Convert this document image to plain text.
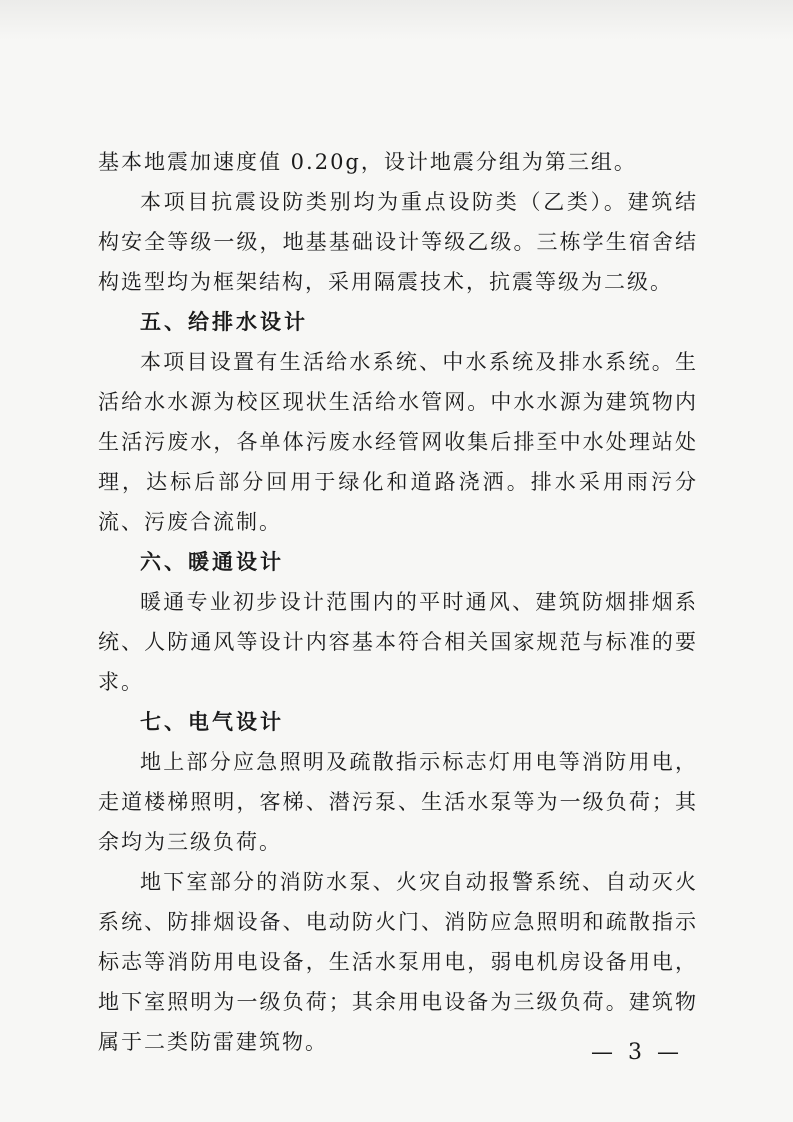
基本地震加速度值 0.20g，设计地震分组为第三组。

本项目抗震设防类别均为重点设防类（乙类）。建筑结构安全等级一级，地基基础设计等级乙级。三栋学生宿舍结构选型均为框架结构，采用隔震技术，抗震等级为二级。

五、给排水设计

本项目设置有生活给水系统、中水系统及排水系统。生活给水水源为校区现状生活给水管网。中水水源为建筑物内生活污废水，各单体污废水经管网收集后排至中水处理站处理，达标后部分回用于绿化和道路浇洒。排水采用雨污分流、污废合流制。

六、暖通设计

暖通专业初步设计范围内的平时通风、建筑防烟排烟系统、人防通风等设计内容基本符合相关国家规范与标准的要求。

七、电气设计

地上部分应急照明及疏散指示标志灯用电等消防用电，走道楼梯照明，客梯、潜污泵、生活水泵等为一级负荷；其余均为三级负荷。

地下室部分的消防水泵、火灾自动报警系统、自动灭火系统、防排烟设备、电动防火门、消防应急照明和疏散指示标志等消防用电设备，生活水泵用电，弱电机房设备用电，地下室照明为一级负荷；其余用电设备为三级负荷。建筑物属于二类防雷建筑物。	— 3 —
